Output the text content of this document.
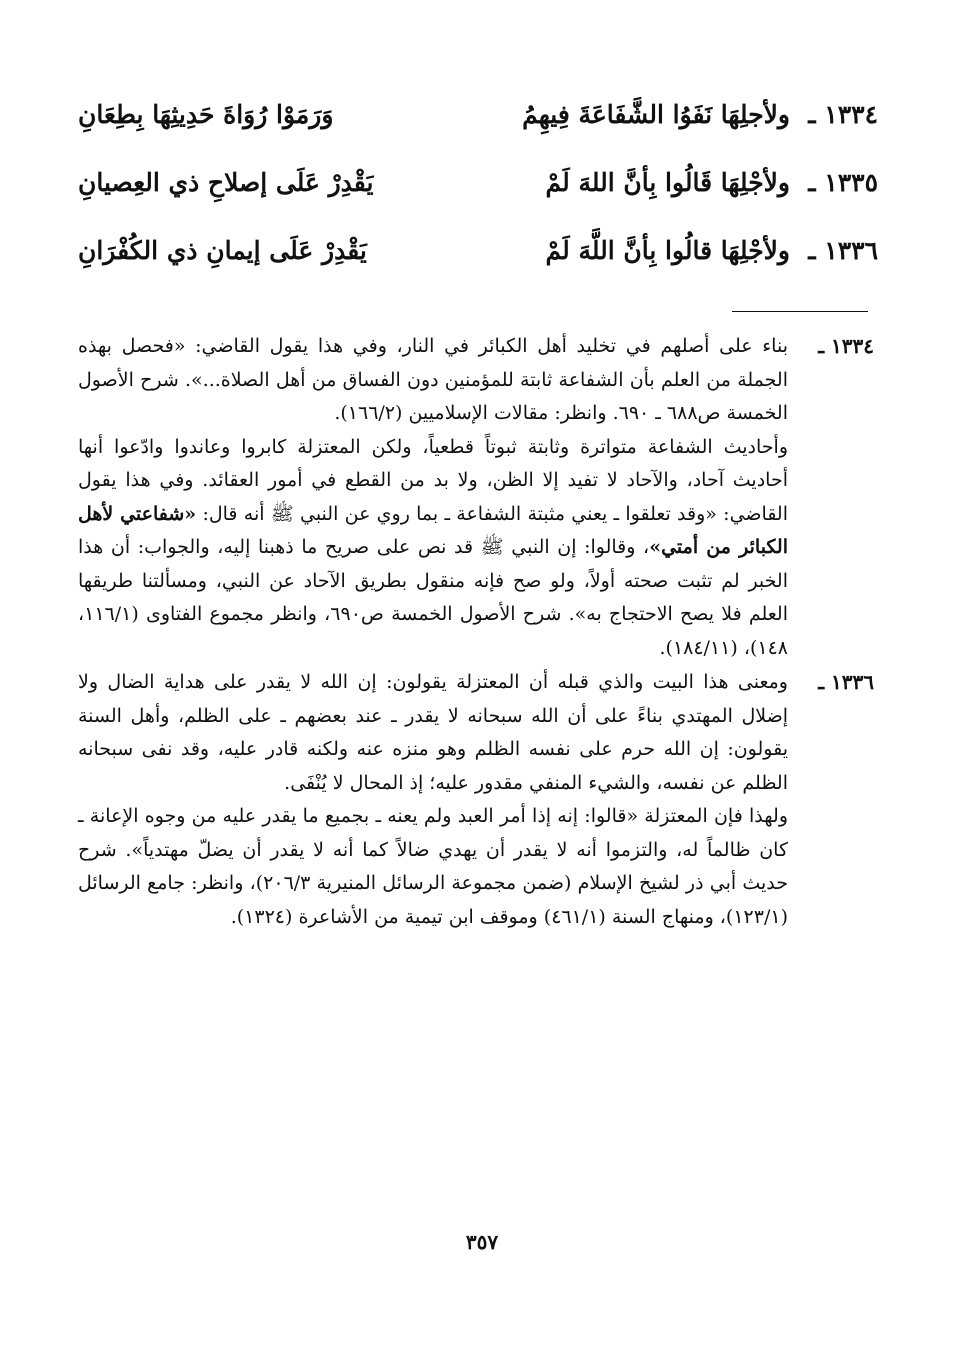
١٣٣٤ ـ
ولأجلِهَا نَفَوُا الشَّفَاعَةَ فِيهِمُ
وَرَمَوْا رُوَاةَ حَدِيثِهَا بِطِعَانِ
١٣٣٥ ـ
ولأجْلِهَا قَالُوا بِأنَّ اللهَ لَمْ
يَقْدِرْ عَلَى إصلاحِ ذي العِصيانِ
١٣٣٦ ـ
ولأجْلِهَا قالُوا بِأنَّ اللَّهَ لَمْ
يَقْدِرْ عَلَى إيمانِ ذي الكُفْرَانِ
١٣٣٤ ـ

بناء على أصلهم في تخليد أهل الكبائر في النار، وفي هذا يقول القاضي: «فحصل بهذه الجملة من العلم بأن الشفاعة ثابتة للمؤمنين دون الفساق من أهل الصلاة...». شرح الأصول الخمسة ص٦٨٨ ـ ٦٩٠. وانظر: مقالات الإسلاميين (١٦٦/٢).

وأحاديث الشفاعة متواترة وثابتة ثبوتاً قطعياً، ولكن المعتزلة كابروا وعاندوا وادّعوا أنها أحاديث آحاد، والآحاد لا تفيد إلا الظن، ولا بد من القطع في أمور العقائد. وفي هذا يقول القاضي: «وقد تعلقوا ـ يعني مثبتة الشفاعة ـ بما روي عن النبي ﷺ أنه قال: «شفاعتي لأهل الكبائر من أمتي»، وقالوا: إن النبي ﷺ قد نص على صريح ما ذهبنا إليه، والجواب: أن هذا الخبر لم تثبت صحته أولاً، ولو صح فإنه منقول بطريق الآحاد عن النبي، ومسألتنا طريقها العلم فلا يصح الاحتجاج به». شرح الأصول الخمسة ص٦٩٠، وانظر مجموع الفتاوى (١١٦/١، ١٤٨)، (١٨٤/١١).

١٣٣٦ ـ

ومعنى هذا البيت والذي قبله أن المعتزلة يقولون: إن الله لا يقدر على هداية الضال ولا إضلال المهتدي بناءً على أن الله سبحانه لا يقدر ـ عند بعضهم ـ على الظلم، وأهل السنة يقولون: إن الله حرم على نفسه الظلم وهو منزه عنه ولكنه قادر عليه، وقد نفى سبحانه الظلم عن نفسه، والشيء المنفي مقدور عليه؛ إذ المحال لا يُنْفَى.

ولهذا فإن المعتزلة «قالوا: إنه إذا أمر العبد ولم يعنه ـ بجميع ما يقدر عليه من وجوه الإعانة ـ كان ظالماً له، والتزموا أنه لا يقدر أن يهدي ضالاً كما أنه لا يقدر أن يضلّ مهتدياً». شرح حديث أبي ذر لشيخ الإسلام (ضمن مجموعة الرسائل المنيرية ٢٠٦/٣)، وانظر: جامع الرسائل (١٢٣/١)، ومنهاج السنة (٤٦١/١) وموقف ابن تيمية من الأشاعرة (١٣٢٤).

٣٥٧
